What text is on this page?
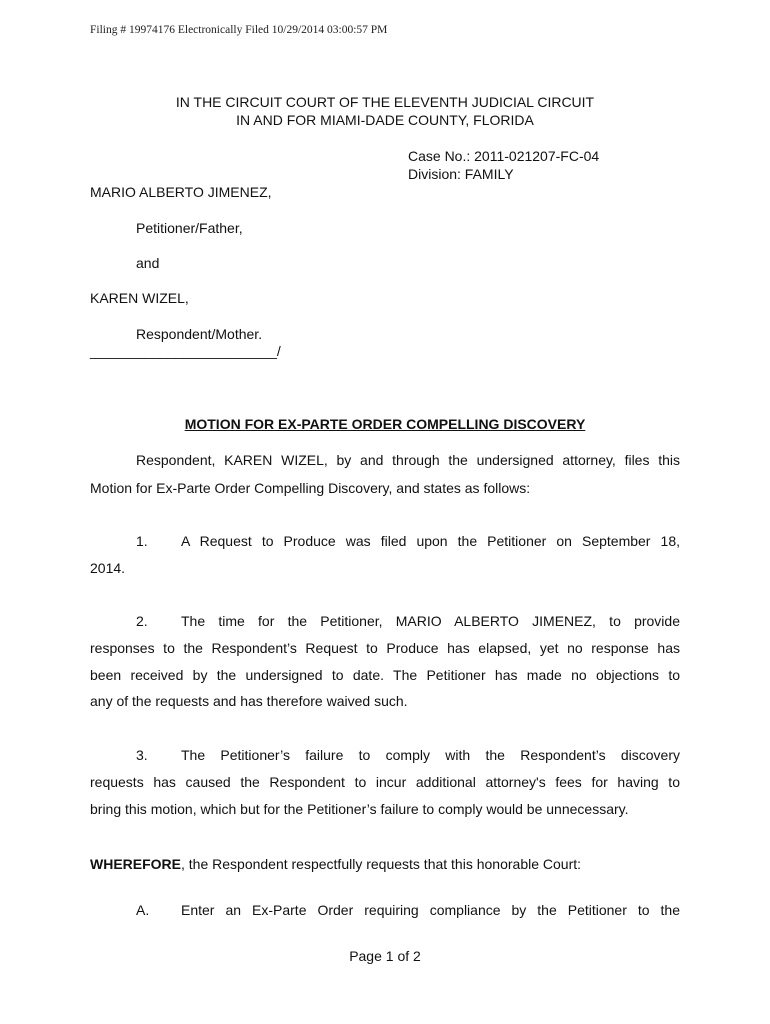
Filing # 19974176 Electronically Filed 10/29/2014 03:00:57 PM
IN THE CIRCUIT COURT OF THE ELEVENTH JUDICIAL CIRCUIT
IN AND FOR MIAMI-DADE COUNTY, FLORIDA
Case No.: 2011-021207-FC-04
Division: FAMILY
MARIO ALBERTO JIMENEZ,
Petitioner/Father,
and
KAREN WIZEL,
Respondent/Mother.
________________________/
MOTION FOR EX-PARTE ORDER COMPELLING DISCOVERY
Respondent, KAREN WIZEL, by and through the undersigned attorney, files this
Motion for Ex-Parte Order Compelling Discovery, and states as follows:
1. A Request to Produce was filed upon the Petitioner on September 18,
2014.
2. The time for the Petitioner, MARIO ALBERTO JIMENEZ, to provide
responses to the Respondent’s Request to Produce has elapsed, yet no response has
been received by the undersigned to date. The Petitioner has made no objections to
any of the requests and has therefore waived such.
3. The Petitioner’s failure to comply with the Respondent’s discovery
requests has caused the Respondent to incur additional attorney's fees for having to
bring this motion, which but for the Petitioner’s failure to comply would be unnecessary.
WHEREFORE, the Respondent respectfully requests that this honorable Court:
A. Enter an Ex-Parte Order requiring compliance by the Petitioner to the
Page 1 of 2
